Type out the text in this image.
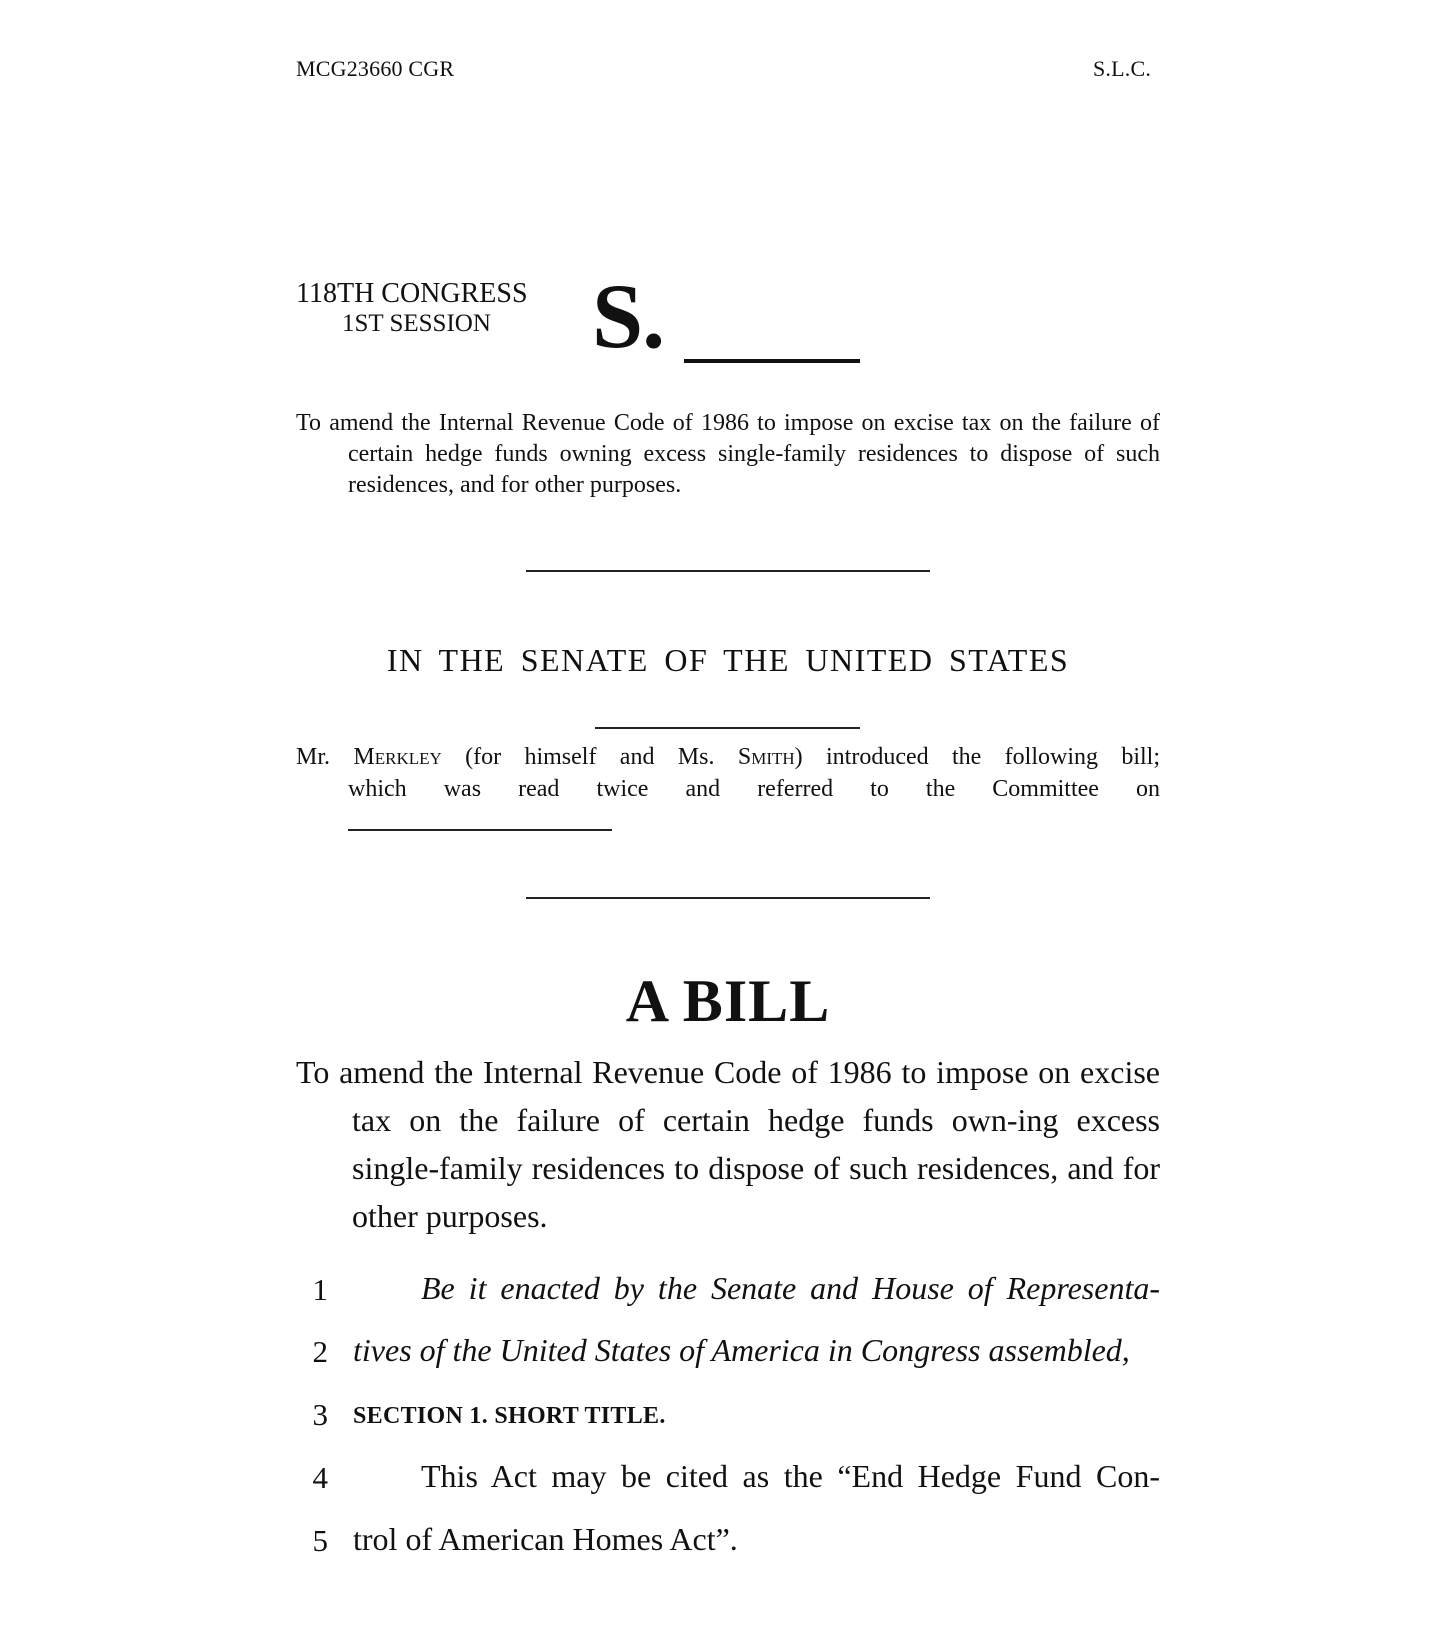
MCG23660 CGR	S.L.C.
118TH CONGRESS
1ST SESSION S.
To amend the Internal Revenue Code of 1986 to impose on excise tax on the failure of certain hedge funds owning excess single-family residences to dispose of such residences, and for other purposes.
IN THE SENATE OF THE UNITED STATES
Mr. Merkley (for himself and Ms. Smith) introduced the following bill;
which was read twice and referred to the Committee on
A BILL
To amend the Internal Revenue Code of 1986 to impose on excise tax on the failure of certain hedge funds own-ing excess single-family residences to dispose of such residences, and for other purposes.
1	Be it enacted by the Senate and House of Representa-
2 tives of the United States of America in Congress assembled,
3 SECTION 1. SHORT TITLE.
4	This Act may be cited as the “End Hedge Fund Con-
5 trol of American Homes Act”.
